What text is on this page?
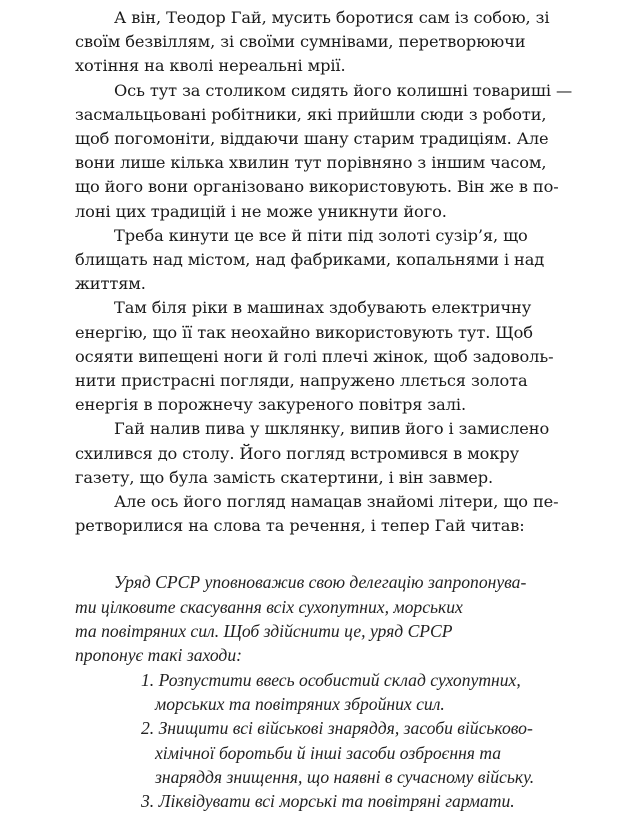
А він, Теодор Гай, мусить боротися сам із собою, зі
своїм безвіллям, зі своїми сумнівами, перетворюючи
хотіння на кволі нереальні мрії.
Ось тут за столиком сидять його колишні товариші —
засмальцьовані робітники, які прийшли сюди з роботи,
щоб погомоніти, віддаючи шану старим традиціям. Але
вони лише кілька хвилин тут порівняно з іншим часом,
що його вони організовано використовують. Він же в по-
лоні цих традицій і не може уникнути його.
Треба кинути це все й піти під золоті сузір’я, що
блищать над містом, над фабриками, копальнями і над
життям.
Там біля ріки в машинах здобувають електричну
енергію, що її так неохайно використовують тут. Щоб
осяяти випещені ноги й голі плечі жінок, щоб задоволь-
нити пристрасні погляди, напружено ллється золота
енергія в порожнечу закуреного повітря залі.
Гай налив пива у шклянку, випив його і замислено
схилився до столу. Його погляд встромився в мокру
газету, що була замість скатертини, і він завмер.
Але ось його погляд намацав знайомі літери, що пе-
ретворилися на слова та речення, і тепер Гай читав:
Уряд СРСР уповноважив свою делегацію запропонува-
ти цілковите скасування всіх сухопутних, морських
та повітряних сил. Щоб здійснити це, уряд СРСР
пропонує такі заходи:
1. Розпустити ввесь особистий склад сухопутних,
морських та повітряних збройних сил.
2. Знищити всі військові знаряддя, засоби військово-
хімічної боротьби й інші засоби озброєння та
знаряддя знищення, що наявні в сучасному війську.
3. Ліквідувати всі морські та повітряні гармати.
